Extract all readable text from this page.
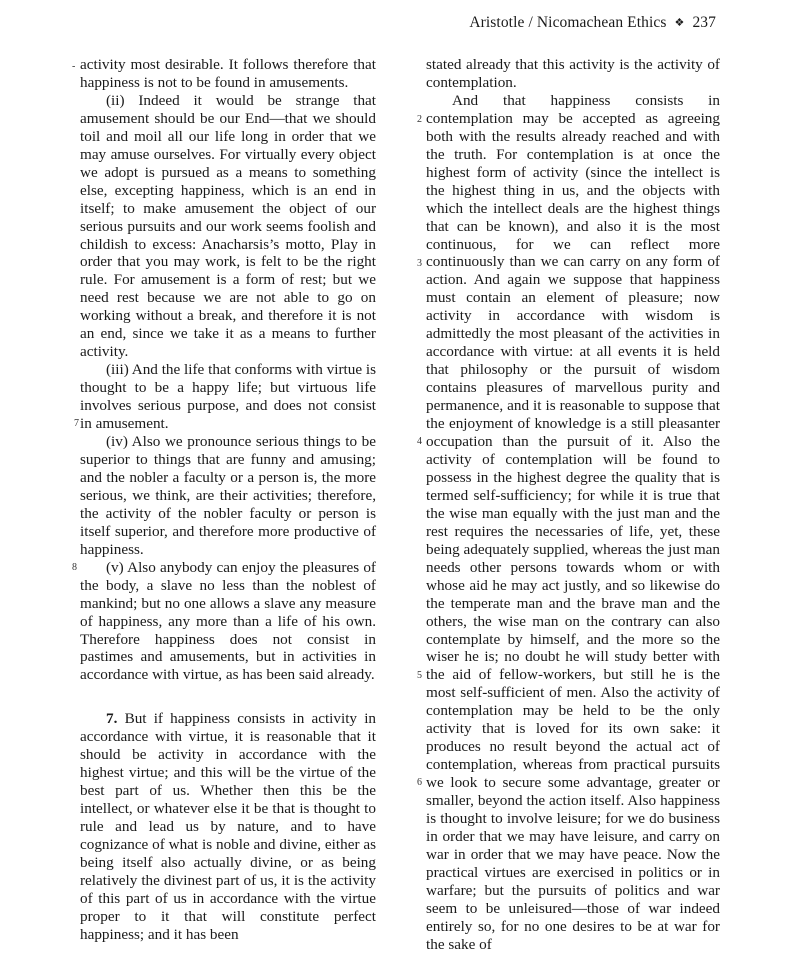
Aristotle / Nicomachean Ethics ❖ 237
-
7
8
2
3
4
5
6

activity most desirable. It follows therefore that happiness is not to be found in amusements.

(ii) Indeed it would be strange that amusement should be our End—that we should toil and moil all our life long in order that we may amuse ourselves. For virtually every object we adopt is pursued as a means to something else, excepting happiness, which is an end in itself; to make amusement the object of our serious pursuits and our work seems foolish and childish to excess: Anacharsis’s motto, Play in order that you may work, is felt to be the right rule. For amusement is a form of rest; but we need rest because we are not able to go on working without a break, and therefore it is not an end, since we take it as a means to further activity.

(iii) And the life that conforms with virtue is thought to be a happy life; but virtuous life involves serious purpose, and does not consist in amusement.

(iv) Also we pronounce serious things to be superior to things that are funny and amusing; and the nobler a faculty or a person is, the more serious, we think, are their activities; therefore, the activity of the nobler faculty or person is itself superior, and therefore more productive of happiness.

(v) Also anybody can enjoy the pleasures of the body, a slave no less than the noblest of mankind; but no one allows a slave any measure of happiness, any more than a life of his own. Therefore happiness does not consist in pastimes and amusements, but in activities in accordance with virtue, as has been said already.

7. But if happiness consists in activity in accordance with virtue, it is reasonable that it should be activity in accordance with the highest virtue; and this will be the virtue of the best part of us. Whether then this be the intellect, or whatever else it be that is thought to rule and lead us by nature, and to have cognizance of what is noble and divine, either as being itself also actually divine, or as being relatively the divinest part of us, it is the activity of this part of us in accordance with the virtue proper to it that will constitute perfect happiness; and it has been

stated already that this activity is the activity of contemplation.

And that happiness consists in contemplation may be accepted as agreeing both with the results already reached and with the truth. For contemplation is at once the highest form of activity (since the intellect is the highest thing in us, and the objects with which the intellect deals are the highest things that can be known), and also it is the most continuous, for we can reflect more continuously than we can carry on any form of action. And again we suppose that happiness must contain an element of pleasure; now activity in accordance with wisdom is admittedly the most pleasant of the activities in accordance with virtue: at all events it is held that philosophy or the pursuit of wisdom contains pleasures of marvellous purity and permanence, and it is reasonable to suppose that the enjoyment of knowledge is a still pleasanter occupation than the pursuit of it. Also the activity of contemplation will be found to possess in the highest degree the quality that is termed self-sufficiency; for while it is true that the wise man equally with the just man and the rest requires the necessaries of life, yet, these being adequately supplied, whereas the just man needs other persons towards whom or with whose aid he may act justly, and so likewise do the temperate man and the brave man and the others, the wise man on the contrary can also contemplate by himself, and the more so the wiser he is; no doubt he will study better with the aid of fellow-workers, but still he is the most self-sufficient of men. Also the activity of contemplation may be held to be the only activity that is loved for its own sake: it produces no result beyond the actual act of contemplation, whereas from practical pursuits we look to secure some advantage, greater or smaller, beyond the action itself. Also happiness is thought to involve leisure; for we do business in order that we may have leisure, and carry on war in order that we may have peace. Now the practical virtues are exercised in politics or in warfare; but the pursuits of politics and war seem to be unleisured—those of war indeed entirely so, for no one desires to be at war for the sake of
